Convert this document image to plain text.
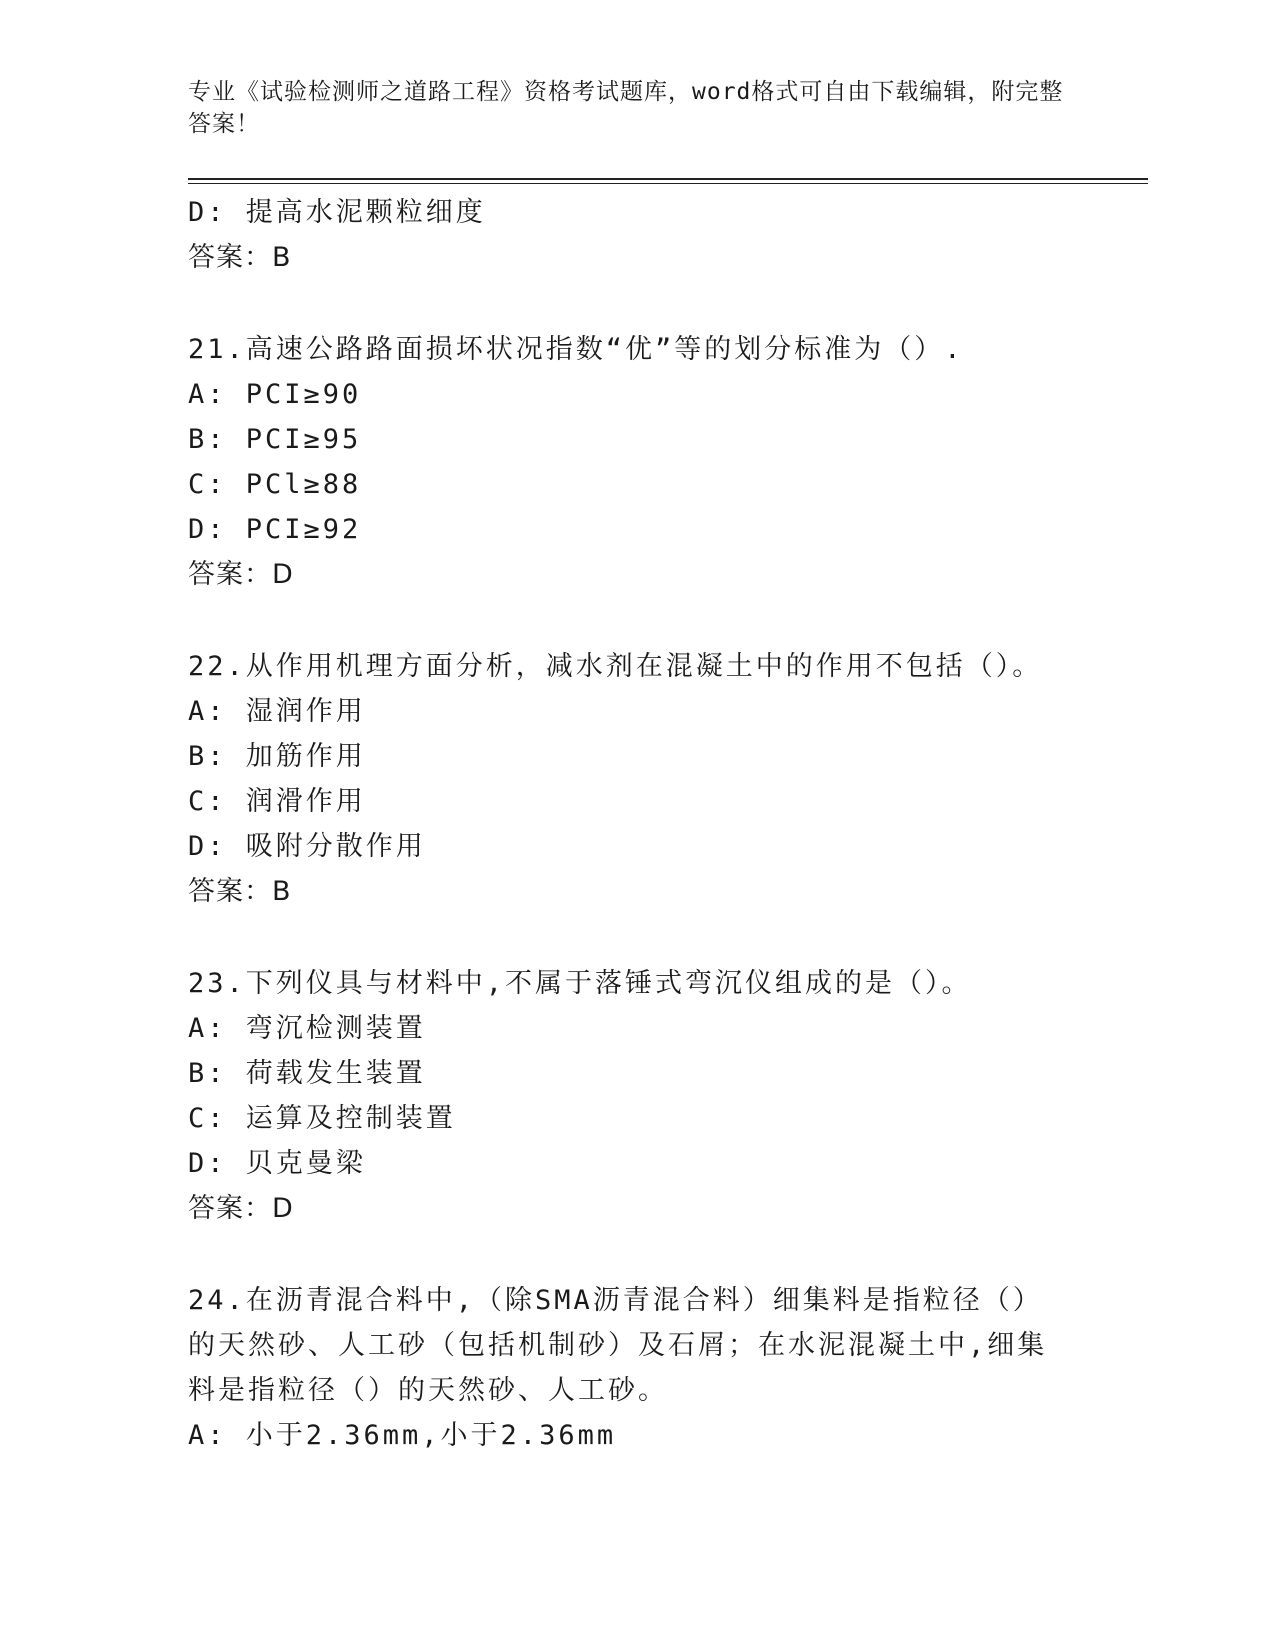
专业《试验检测师之道路工程》资格考试题库，word格式可自由下载编辑，附完整答案！

D: 提高水泥颗粒细度

答案：B

21.高速公路路面损坏状况指数“优”等的划分标准为（）.

A: PCI≥90

B: PCI≥95

C: PCl≥88

D: PCI≥92

答案：D

22.从作用机理方面分析，减水剂在混凝土中的作用不包括（）。

A: 湿润作用

B: 加筋作用

C: 润滑作用

D: 吸附分散作用

答案：B

23.下列仪具与材料中,不属于落锤式弯沉仪组成的是（）。

A: 弯沉检测装置

B: 荷载发生装置

C: 运算及控制装置

D: 贝克曼梁

答案：D

24.在沥青混合料中,（除SMA沥青混合料）细集料是指粒径（）的天然砂、人工砂（包括机制砂）及石屑；在水泥混凝土中,细集料是指粒径（）的天然砂、人工砂。

A: 小于2.36mm,小于2.36mm
